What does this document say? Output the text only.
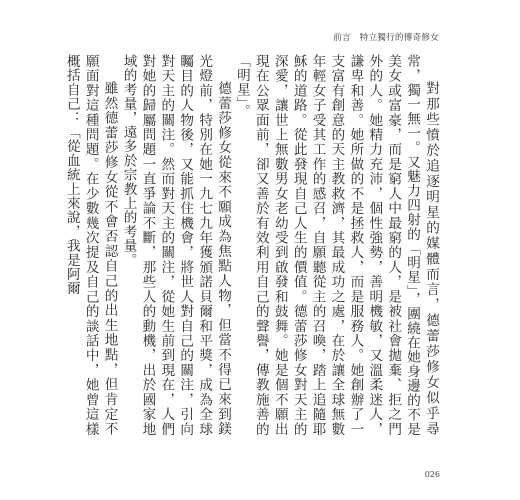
前言 特立獨行的傳奇修女

對那些憤於追逐明星的媒體而言，德蕾莎修女似乎尋常，獨一無一。又魅力四射的「明星」，團繞在她身邊的不是美女或富豪，而是窮人中最窮的人，是被社會拋棄、拒之門外的人。她精力充沛，個性強勢，善明機敏，又溫柔迷人，謙卑和善。她所做的不是拯救人，而是服務人。她創辦了一支富有創意的天主教救濟，其最成功之處，在於讓全球無數年輕女子受其工作的感召，自願聽從主的召喚，踏上追隨耶穌的道路。從此發現自己人生的價值。德蕾莎修女對天主的深愛，讓世上無數男女老幼受到啟發和鼓舞。她是個不願出現在公眾面前，卻又善於有效利用自己的聲譽，傳教施善的「明星」。

德蕾莎修女從來不願成為焦點人物，但當不得已來到鎂光燈前，特別在她一九七九年獲頒諾貝爾和平獎，成為全球矚目的人物後，又能抓住機會，將世人對自己的關注，引向對天主的關注。然而對天主的關注，從她生前到現在，人們對她的歸屬問題一直爭論不斷，那些人的動機，出於國家地域的考量，遠多於宗教上的考量。

雖然德蕾莎修女從不會否認自己的出生地點，但肯定不願面對這種問題。在少數幾次提及自己的談話中，她曾這樣概括自己：「從血統上來說，我是阿爾

026
